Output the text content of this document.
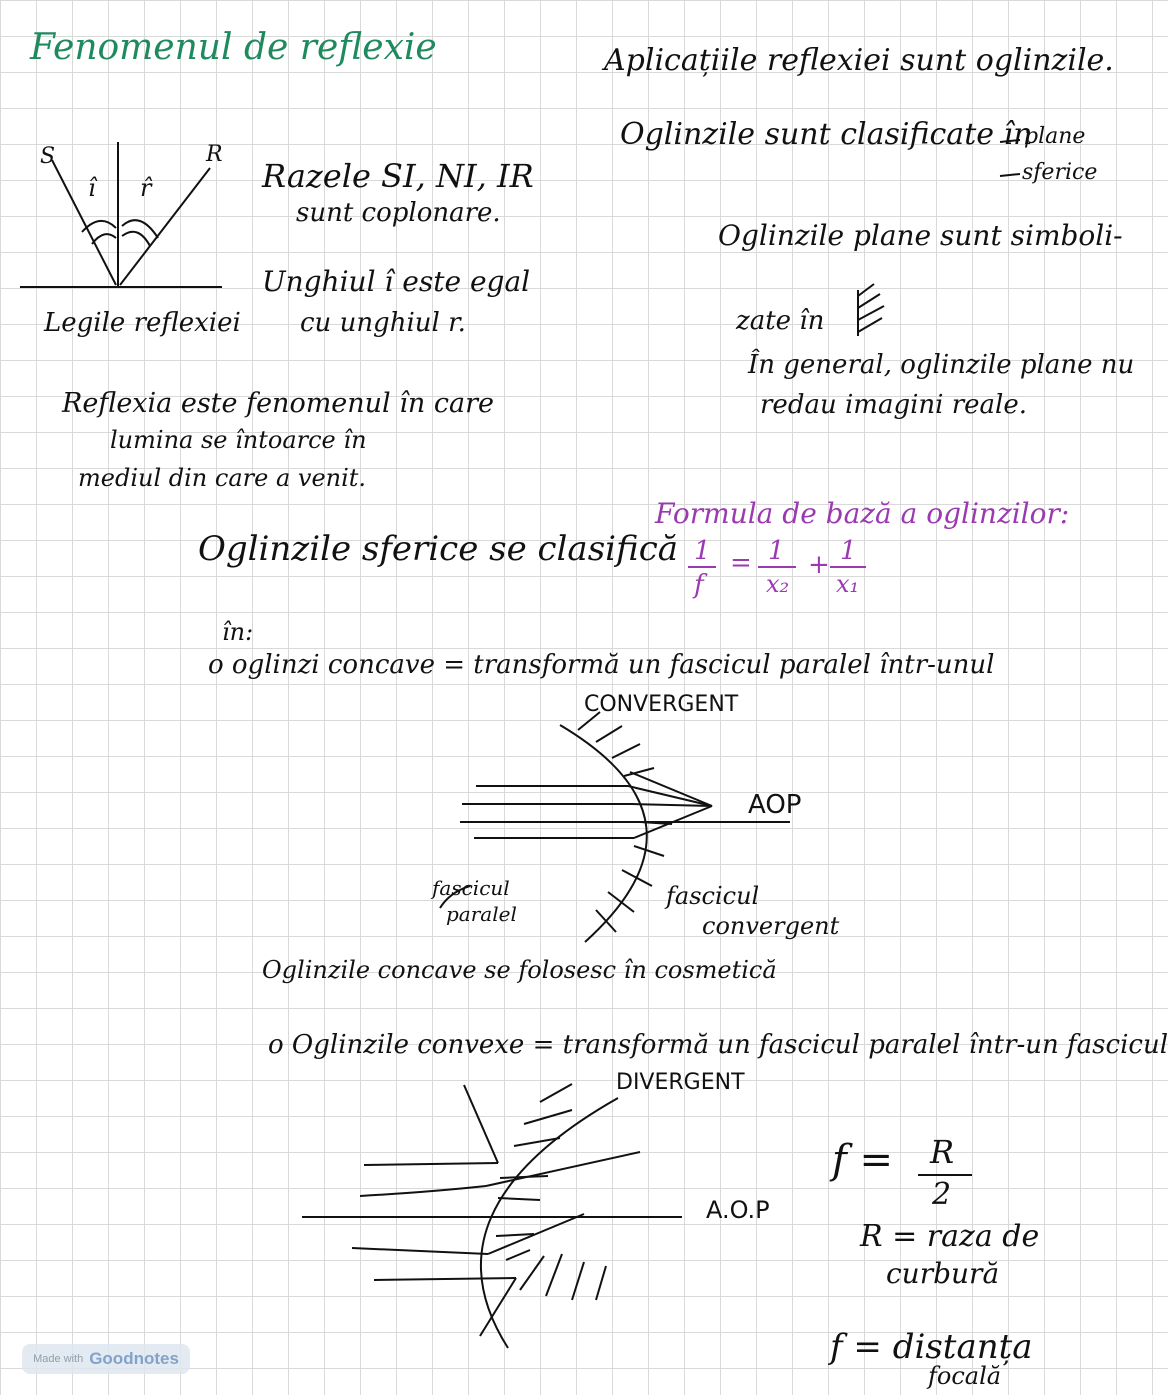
Fenomenul de reflexie
S
î r̂
R
Legile reflexiei
Razele SI, NI, IR
sunt coplonare.
Unghiul î este egal
cu unghiul r.
Reflexia este fenomenul în care
lumina se întoarce în
mediul din care a venit.
Aplicațiile reflexiei sunt oglinzile.
Oglinzile sunt clasificate în
plane
sferice
Oglinzile plane sunt simboli-
zate în
În general, oglinzile plane nu
redau imagini reale.
Formula de bază a oglinzilor:
1
f
= 1
x₂
+ 1
x₁
Oglinzile sferice se clasifică
în:
o oglinzi concave = transformă un fascicul paralel într-unul
CONVERGENT
AOP
fascicul
paralel
fascicul
convergent
Oglinzile concave se folosesc în cosmetică
o Oglinzile convexe = transformă un fascicul paralel într-un fascicul
DIVERGENT
A.O.P
f = R
2
R = raza de
curbură
f = distanța
focală
Made with Goodnotes
